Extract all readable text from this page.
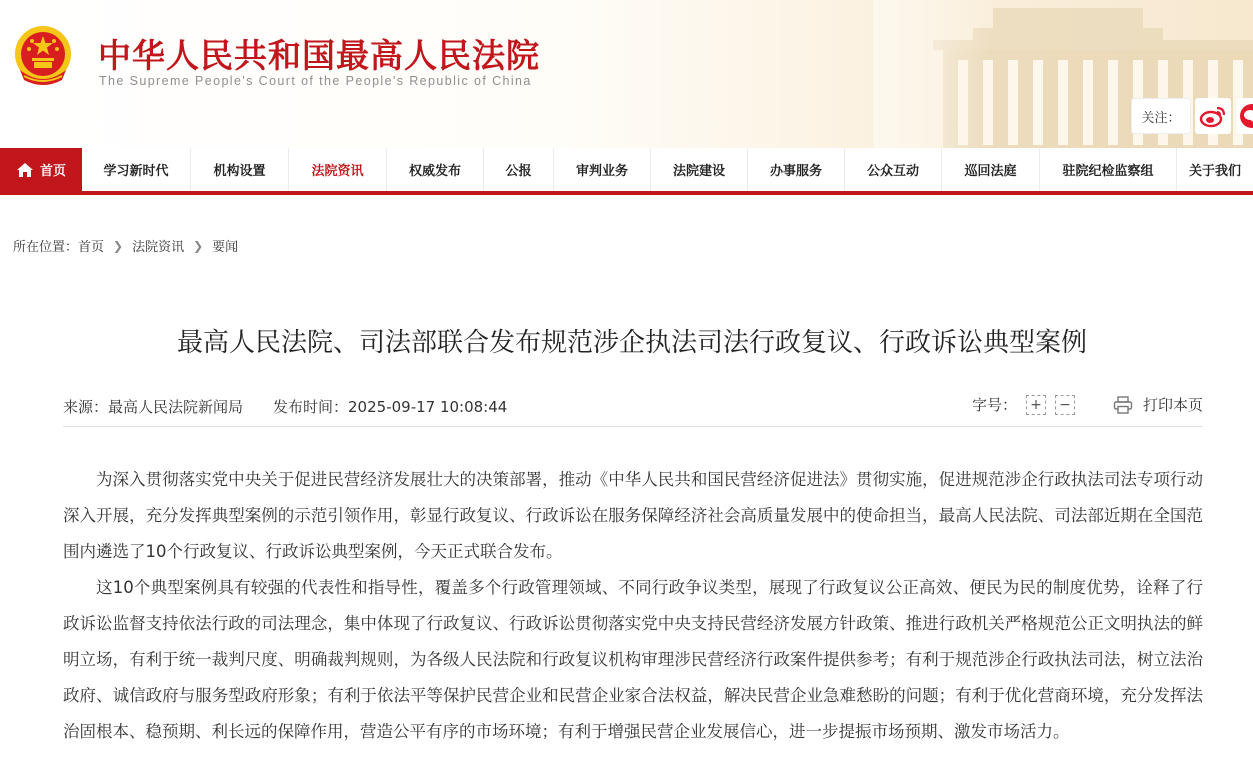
中华人民共和国最高人民法院
The Supreme People's Court of the People's Republic of China
关注：
首页	学习新时代	机构设置	法院资讯	权威发布	公报	审判业务	法院建设	办事服务	公众互动	巡回法庭	驻院纪检监察组	关于我们
所在位置： 首页 ❯ 法院资讯 ❯ 要闻
最高人民法院、司法部联合发布规范涉企执法司法行政复议、行政诉讼典型案例
来源：最高人民法院新闻局 发布时间：2025-09-17 10:08:44	字号： + −	打印本页

为深入贯彻落实党中央关于促进民营经济发展壮大的决策部署，推动《中华人民共和国民营经济促进法》贯彻实施，促进规范涉企行政执法司法专项行动深入开展，充分发挥典型案例的示范引领作用，彰显行政复议、行政诉讼在服务保障经济社会高质量发展中的使命担当，最高人民法院、司法部近期在全国范围内遴选了10个行政复议、行政诉讼典型案例，今天正式联合发布。

这10个典型案例具有较强的代表性和指导性，覆盖多个行政管理领域、不同行政争议类型，展现了行政复议公正高效、便民为民的制度优势，诠释了行政诉讼监督支持依法行政的司法理念，集中体现了行政复议、行政诉讼贯彻落实党中央支持民营经济发展方针政策、推进行政机关严格规范公正文明执法的鲜明立场，有利于统一裁判尺度、明确裁判规则，为各级人民法院和行政复议机构审理涉民营经济行政案件提供参考；有利于规范涉企行政执法司法，树立法治政府、诚信政府与服务型政府形象；有利于依法平等保护民营企业和民营企业家合法权益，解决民营企业急难愁盼的问题；有利于优化营商环境，充分发挥法治固根本、稳预期、利长远的保障作用，营造公平有序的市场环境；有利于增强民营企业发展信心，进一步提振市场预期、激发市场活力。
